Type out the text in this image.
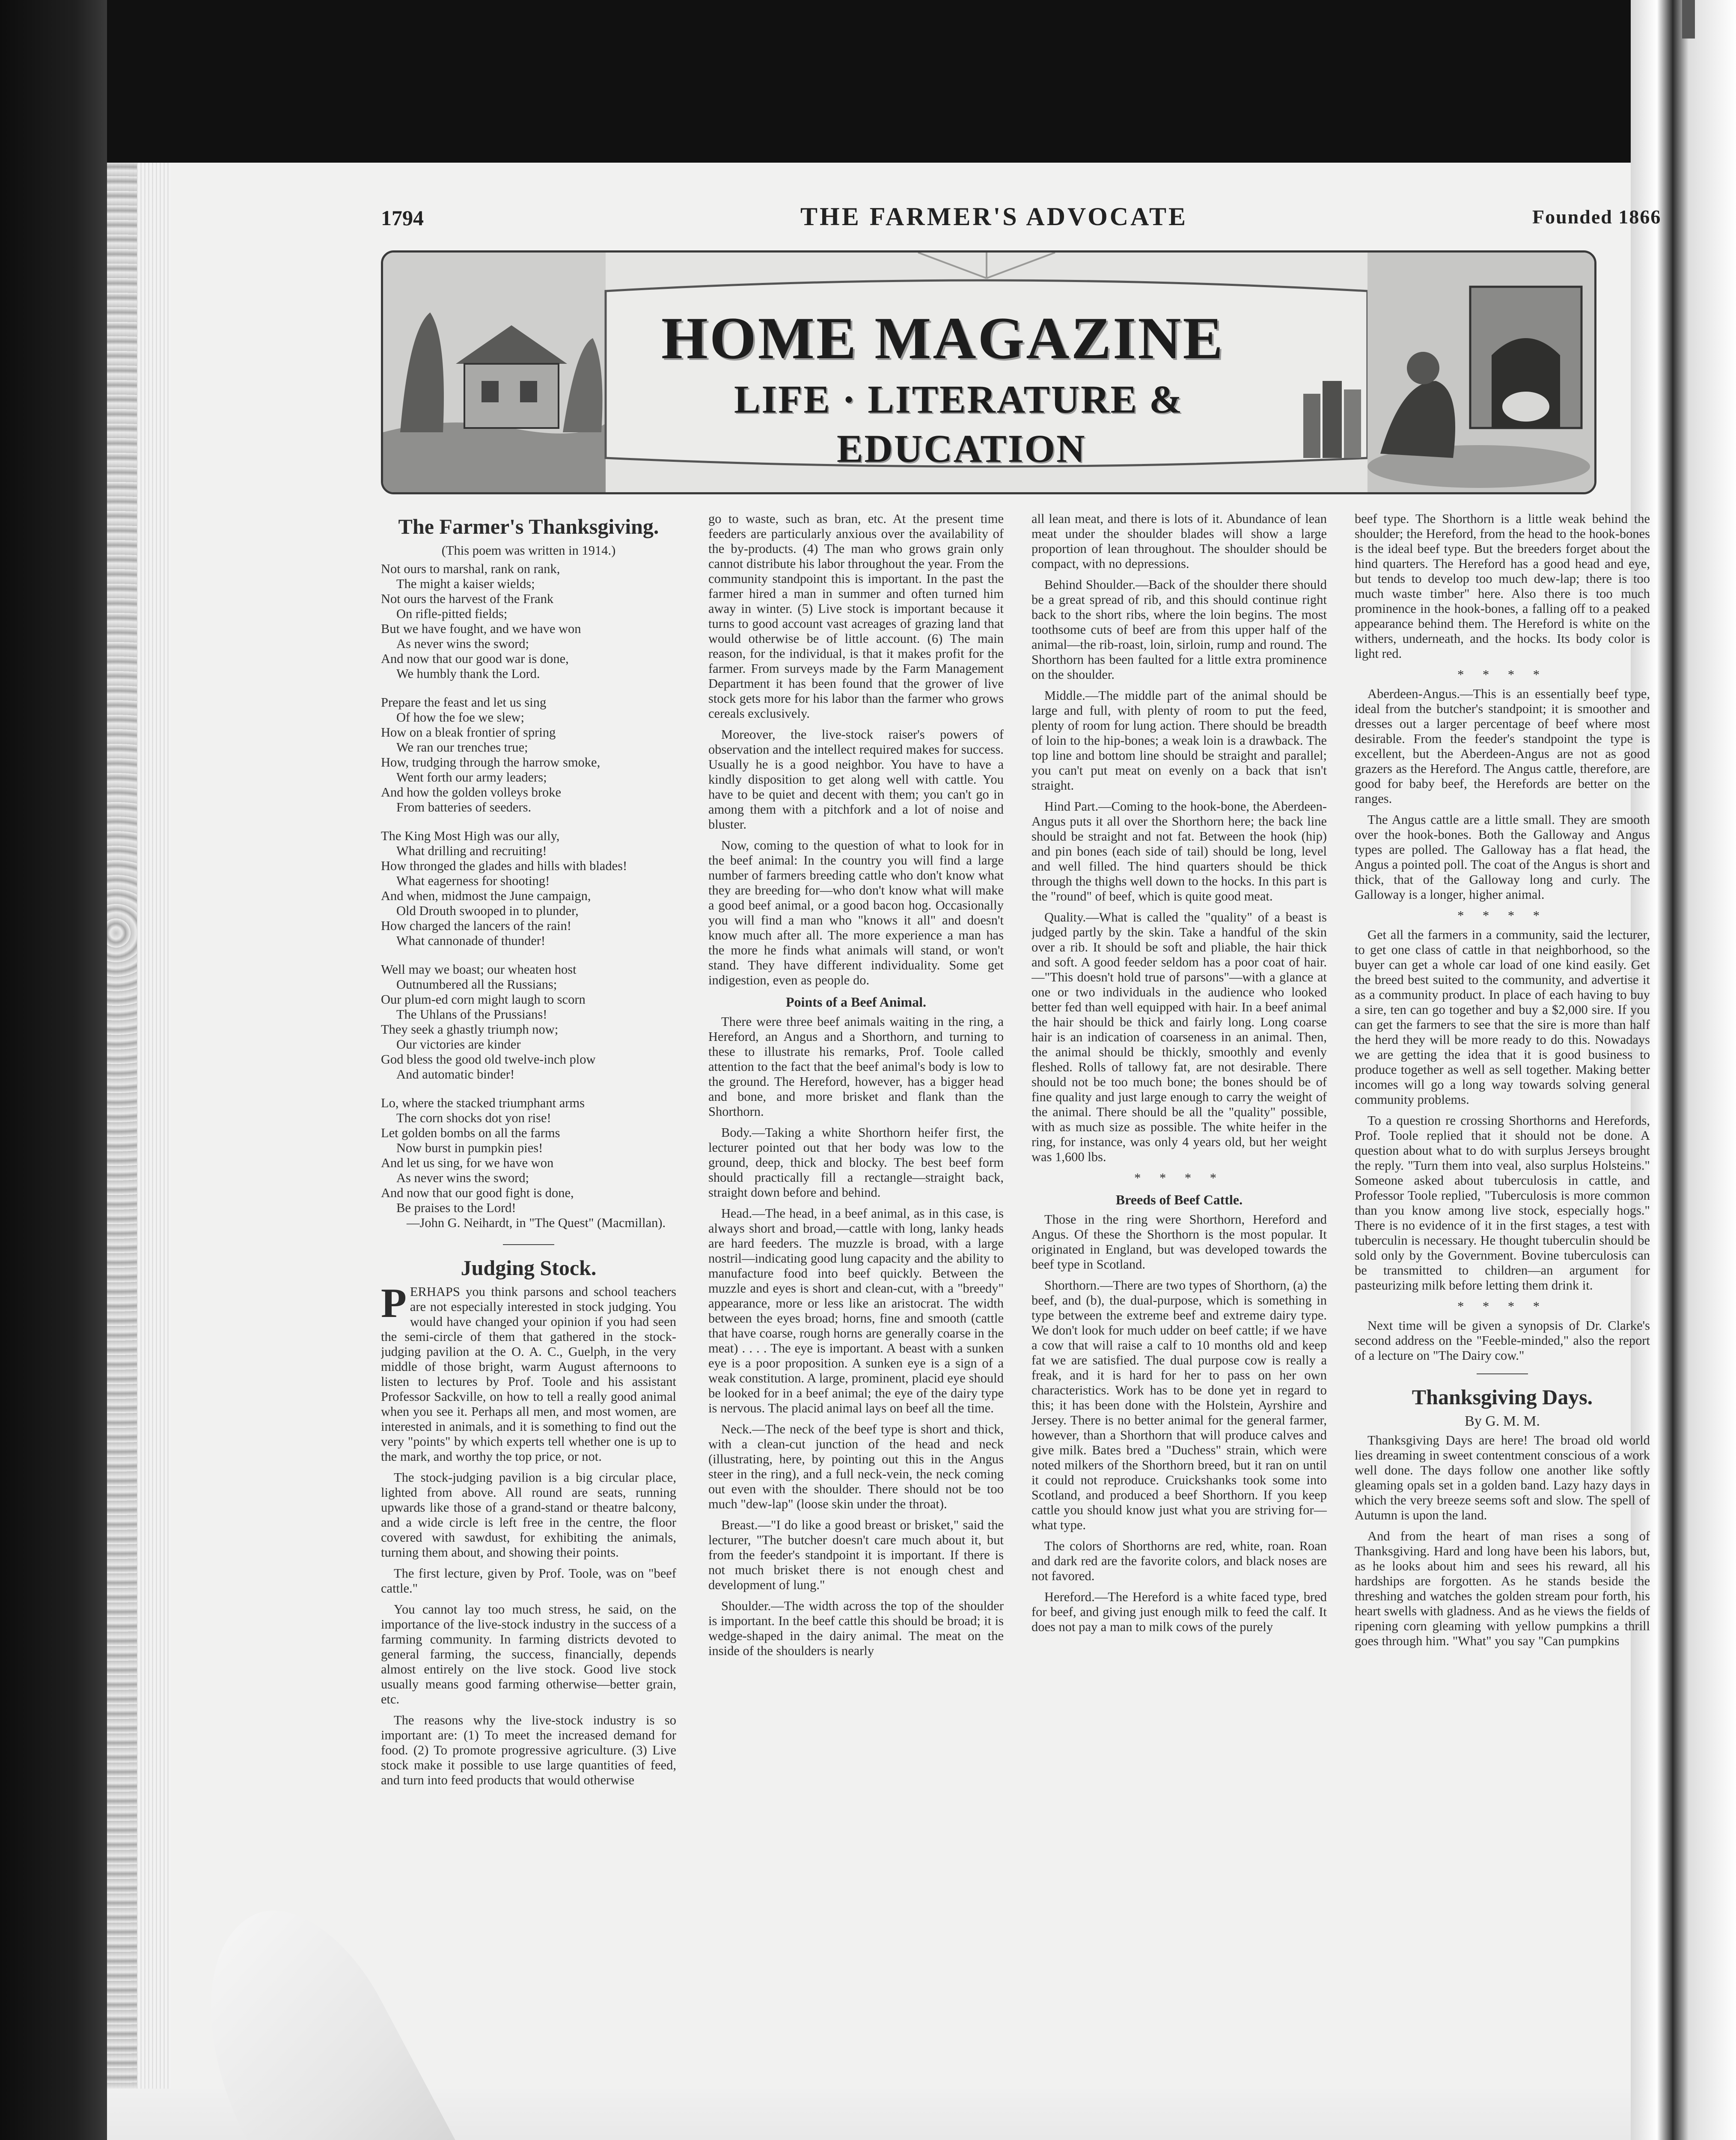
1794	THE FARMER'S ADVOCATE	Founded 1866
HOME MAGAZINE
LIFE · LITERATURE &
EDUCATION
The Farmer's Thanksgiving.
(This poem was written in 1914.)
Not ours to marshal, rank on rank,
The might a kaiser wields;
Not ours the harvest of the Frank
On rifle-pitted fields;
But we have fought, and we have won
As never wins the sword;
And now that our good war is done,
We humbly thank the Lord.
Prepare the feast and let us sing
Of how the foe we slew;
How on a bleak frontier of spring
We ran our trenches true;
How, trudging through the harrow smoke,
Went forth our army leaders;
And how the golden volleys broke
From batteries of seeders.
The King Most High was our ally,
What drilling and recruiting!
How thronged the glades and hills with blades!
What eagerness for shooting!
And when, midmost the June campaign,
Old Drouth swooped in to plunder,
How charged the lancers of the rain!
What cannonade of thunder!
Well may we boast; our wheaten host
Outnumbered all the Russians;
Our plum-ed corn might laugh to scorn
The Uhlans of the Prussians!
They seek a ghastly triumph now;
Our victories are kinder
God bless the good old twelve-inch plow
And automatic binder!
Lo, where the stacked triumphant arms
The corn shocks dot yon rise!
Let golden bombs on all the farms
Now burst in pumpkin pies!
And let us sing, for we have won
As never wins the sword;
And now that our good fight is done,
Be praises to the Lord!
—John G. Neihardt, in "The Quest" (Macmillan).
Judging Stock.

PERHAPS you think parsons and school teachers are not especially interested in stock judging. You would have changed your opinion if you had seen the semi-circle of them that gathered in the stock-judging pavilion at the O. A. C., Guelph, in the very middle of those bright, warm August afternoons to listen to lectures by Prof. Toole and his assistant Professor Sackville, on how to tell a really good animal when you see it. Perhaps all men, and most women, are interested in animals, and it is something to find out the very "points" by which experts tell whether one is up to the mark, and worthy the top price, or not.

The stock-judging pavilion is a big circular place, lighted from above. All round are seats, running upwards like those of a grand-stand or theatre balcony, and a wide circle is left free in the centre, the floor covered with sawdust, for exhibiting the animals, turning them about, and showing their points.

The first lecture, given by Prof. Toole, was on "beef cattle."

You cannot lay too much stress, he said, on the importance of the live-stock industry in the success of a farming community. In farming districts devoted to general farming, the success, financially, depends almost entirely on the live stock. Good live stock usually means good farming otherwise—better grain, etc.

The reasons why the live-stock industry is so important are: (1) To meet the increased demand for food. (2) To promote progressive agriculture. (3) Live stock make it possible to use large quantities of feed, and turn into feed products that would otherwise

go to waste, such as bran, etc. At the present time feeders are particularly anxious over the availability of the by-products. (4) The man who grows grain only cannot distribute his labor throughout the year. From the community standpoint this is important. In the past the farmer hired a man in summer and often turned him away in winter. (5) Live stock is important because it turns to good account vast acreages of grazing land that would otherwise be of little account. (6) The main reason, for the individual, is that it makes profit for the farmer. From surveys made by the Farm Management Department it has been found that the grower of live stock gets more for his labor than the farmer who grows cereals exclusively.

Moreover, the live-stock raiser's powers of observation and the intellect required makes for success. Usually he is a good neighbor. You have to have a kindly disposition to get along well with cattle. You have to be quiet and decent with them; you can't go in among them with a pitchfork and a lot of noise and bluster.

Now, coming to the question of what to look for in the beef animal: In the country you will find a large number of farmers breeding cattle who don't know what they are breeding for—who don't know what will make a good beef animal, or a good bacon hog. Occasionally you will find a man who "knows it all" and doesn't know much after all. The more experience a man has the more he finds what animals will stand, or won't stand. They have different individuality. Some get indigestion, even as people do.

Points of a Beef Animal.

There were three beef animals waiting in the ring, a Hereford, an Angus and a Shorthorn, and turning to these to illustrate his remarks, Prof. Toole called attention to the fact that the beef animal's body is low to the ground. The Hereford, however, has a bigger head and bone, and more brisket and flank than the Shorthorn.

Body.—Taking a white Shorthorn heifer first, the lecturer pointed out that her body was low to the ground, deep, thick and blocky. The best beef form should practically fill a rectangle—straight back, straight down before and behind.

Head.—The head, in a beef animal, as in this case, is always short and broad,—cattle with long, lanky heads are hard feeders. The muzzle is broad, with a large nostril—indicating good lung capacity and the ability to manufacture food into beef quickly. Between the muzzle and eyes is short and clean-cut, with a "breedy" appearance, more or less like an aristocrat. The width between the eyes broad; horns, fine and smooth (cattle that have coarse, rough horns are generally coarse in the meat) . . . . The eye is important. A beast with a sunken eye is a poor proposition. A sunken eye is a sign of a weak constitution. A large, prominent, placid eye should be looked for in a beef animal; the eye of the dairy type is nervous. The placid animal lays on beef all the time.

Neck.—The neck of the beef type is short and thick, with a clean-cut junction of the head and neck (illustrating, here, by pointing out this in the Angus steer in the ring), and a full neck-vein, the neck coming out even with the shoulder. There should not be too much "dew-lap" (loose skin under the throat).

Breast.—"I do like a good breast or brisket," said the lecturer, "The butcher doesn't care much about it, but from the feeder's standpoint it is important. If there is not much brisket there is not enough chest and development of lung."

Shoulder.—The width across the top of the shoulder is important. In the beef cattle this should be broad; it is wedge-shaped in the dairy animal. The meat on the inside of the shoulders is nearly

all lean meat, and there is lots of it. Abundance of lean meat under the shoulder blades will show a large proportion of lean throughout. The shoulder should be compact, with no depressions.

Behind Shoulder.—Back of the shoulder there should be a great spread of rib, and this should continue right back to the short ribs, where the loin begins. The most toothsome cuts of beef are from this upper half of the animal—the rib-roast, loin, sirloin, rump and round. The Shorthorn has been faulted for a little extra prominence on the shoulder.

Middle.—The middle part of the animal should be large and full, with plenty of room to put the feed, plenty of room for lung action. There should be breadth of loin to the hip-bones; a weak loin is a drawback. The top line and bottom line should be straight and parallel; you can't put meat on evenly on a back that isn't straight.

Hind Part.—Coming to the hook-bone, the Aberdeen-Angus puts it all over the Shorthorn here; the back line should be straight and not fat. Between the hook (hip) and pin bones (each side of tail) should be long, level and well filled. The hind quarters should be thick through the thighs well down to the hocks. In this part is the "round" of beef, which is quite good meat.

Quality.—What is called the "quality" of a beast is judged partly by the skin. Take a handful of the skin over a rib. It should be soft and pliable, the hair thick and soft. A good feeder seldom has a poor coat of hair.—"This doesn't hold true of parsons"—with a glance at one or two individuals in the audience who looked better fed than well equipped with hair. In a beef animal the hair should be thick and fairly long. Long coarse hair is an indication of coarseness in an animal. Then, the animal should be thickly, smoothly and evenly fleshed. Rolls of tallowy fat, are not desirable. There should not be too much bone; the bones should be of fine quality and just large enough to carry the weight of the animal. There should be all the "quality" possible, with as much size as possible. The white heifer in the ring, for instance, was only 4 years old, but her weight was 1,600 lbs.

* * * *
Breeds of Beef Cattle.

Those in the ring were Shorthorn, Hereford and Angus. Of these the Shorthorn is the most popular. It originated in England, but was developed towards the beef type in Scotland.

Shorthorn.—There are two types of Shorthorn, (a) the beef, and (b), the dual-purpose, which is something in type between the extreme beef and extreme dairy type. We don't look for much udder on beef cattle; if we have a cow that will raise a calf to 10 months old and keep fat we are satisfied. The dual purpose cow is really a freak, and it is hard for her to pass on her own characteristics. Work has to be done yet in regard to this; it has been done with the Holstein, Ayrshire and Jersey. There is no better animal for the general farmer, however, than a Shorthorn that will produce calves and give milk. Bates bred a "Duchess" strain, which were noted milkers of the Shorthorn breed, but it ran on until it could not reproduce. Cruickshanks took some into Scotland, and produced a beef Shorthorn. If you keep cattle you should know just what you are striving for—what type.

The colors of Shorthorns are red, white, roan. Roan and dark red are the favorite colors, and black noses are not favored.

Hereford.—The Hereford is a white faced type, bred for beef, and giving just enough milk to feed the calf. It does not pay a man to milk cows of the purely

beef type. The Shorthorn is a little weak behind the shoulder; the Hereford, from the head to the hook-bones is the ideal beef type. But the breeders forget about the hind quarters. The Hereford has a good head and eye, but tends to develop too much dew-lap; there is too much waste timber" here. Also there is too much prominence in the hook-bones, a falling off to a peaked appearance behind them. The Hereford is white on the withers, underneath, and the hocks. Its body color is light red.

* * * *

Aberdeen-Angus.—This is an essentially beef type, ideal from the butcher's standpoint; it is smoother and dresses out a larger percentage of beef where most desirable. From the feeder's standpoint the type is excellent, but the Aberdeen-Angus are not as good grazers as the Hereford. The Angus cattle, therefore, are good for baby beef, the Herefords are better on the ranges.

The Angus cattle are a little small. They are smooth over the hook-bones. Both the Galloway and Angus types are polled. The Galloway has a flat head, the Angus a pointed poll. The coat of the Angus is short and thick, that of the Galloway long and curly. The Galloway is a longer, higher animal.

* * * *

Get all the farmers in a community, said the lecturer, to get one class of cattle in that neighborhood, so the buyer can get a whole car load of one kind easily. Get the breed best suited to the community, and advertise it as a community product. In place of each having to buy a sire, ten can go together and buy a $2,000 sire. If you can get the farmers to see that the sire is more than half the herd they will be more ready to do this. Nowadays we are getting the idea that it is good business to produce together as well as sell together. Making better incomes will go a long way towards solving general community problems.

To a question re crossing Shorthorns and Herefords, Prof. Toole replied that it should not be done. A question about what to do with surplus Jerseys brought the reply. "Turn them into veal, also surplus Holsteins." Someone asked about tuberculosis in cattle, and Professor Toole replied, "Tuberculosis is more common than you know among live stock, especially hogs." There is no evidence of it in the first stages, a test with tuberculin is necessary. He thought tuberculin should be sold only by the Government. Bovine tuberculosis can be transmitted to children—an argument for pasteurizing milk before letting them drink it.

* * * *

Next time will be given a synopsis of Dr. Clarke's second address on the "Feeble-minded," also the report of a lecture on "The Dairy cow."

Thanksgiving Days.
By G. M. M.

Thanksgiving Days are here! The broad old world lies dreaming in sweet contentment conscious of a work well done. The days follow one another like softly gleaming opals set in a golden band. Lazy hazy days in which the very breeze seems soft and slow. The spell of Autumn is upon the land.

And from the heart of man rises a song of Thanksgiving. Hard and long have been his labors, but, as he looks about him and sees his reward, all his hardships are forgotten. As he stands beside the threshing and watches the golden stream pour forth, his heart swells with gladness. And as he views the fields of ripening corn gleaming with yellow pumpkins a thrill goes through him. "What" you say "Can pumpkins
